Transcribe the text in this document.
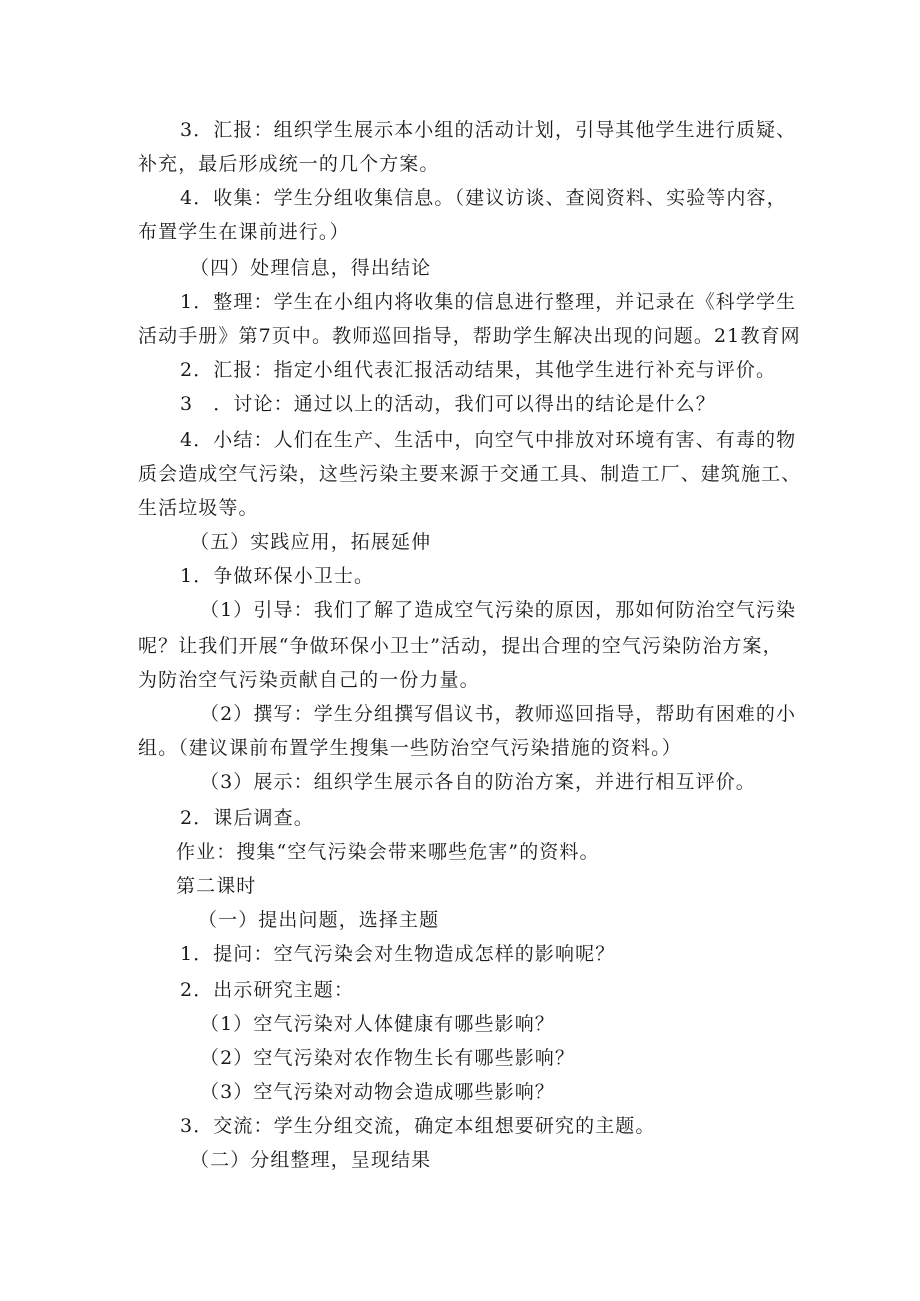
3．汇报：组织学生展示本小组的活动计划，引导其他学生进行质疑、
补充，最后形成统一的几个方案。
4．收集：学生分组收集信息。（建议访谈、查阅资料、实验等内容，
布置学生在课前进行。）
（四）处理信息，得出结论
1．整理：学生在小组内将收集的信息进行整理，并记录在《科学学生
活动手册》第7页中。教师巡回指导，帮助学生解决出现的问题。21教育网
2．汇报：指定小组代表汇报活动结果，其他学生进行补充与评价。
3　．讨论：通过以上的活动，我们可以得出的结论是什么？
4．小结：人们在生产、生活中，向空气中排放对环境有害、有毒的物
质会造成空气污染，这些污染主要来源于交通工具、制造工厂、建筑施工、
生活垃圾等。
（五）实践应用，拓展延伸
1．争做环保小卫士。
（1）引导：我们了解了造成空气污染的原因，那如何防治空气污染
呢？让我们开展“争做环保小卫士”活动，提出合理的空气污染防治方案，
为防治空气污染贡献自己的一份力量。
（2）撰写：学生分组撰写倡议书，教师巡回指导，帮助有困难的小
组。（建议课前布置学生搜集一些防治空气污染措施的资料。）
（3）展示：组织学生展示各自的防治方案，并进行相互评价。
2．课后调查。
作业：搜集“空气污染会带来哪些危害”的资料。
第二课时
（一）提出问题，选择主题
1．提问：空气污染会对生物造成怎样的影响呢？
2．出示研究主题：
（1）空气污染对人体健康有哪些影响？
（2）空气污染对农作物生长有哪些影响？
（3）空气污染对动物会造成哪些影响？
3．交流：学生分组交流，确定本组想要研究的主题。
（二）分组整理，呈现结果
